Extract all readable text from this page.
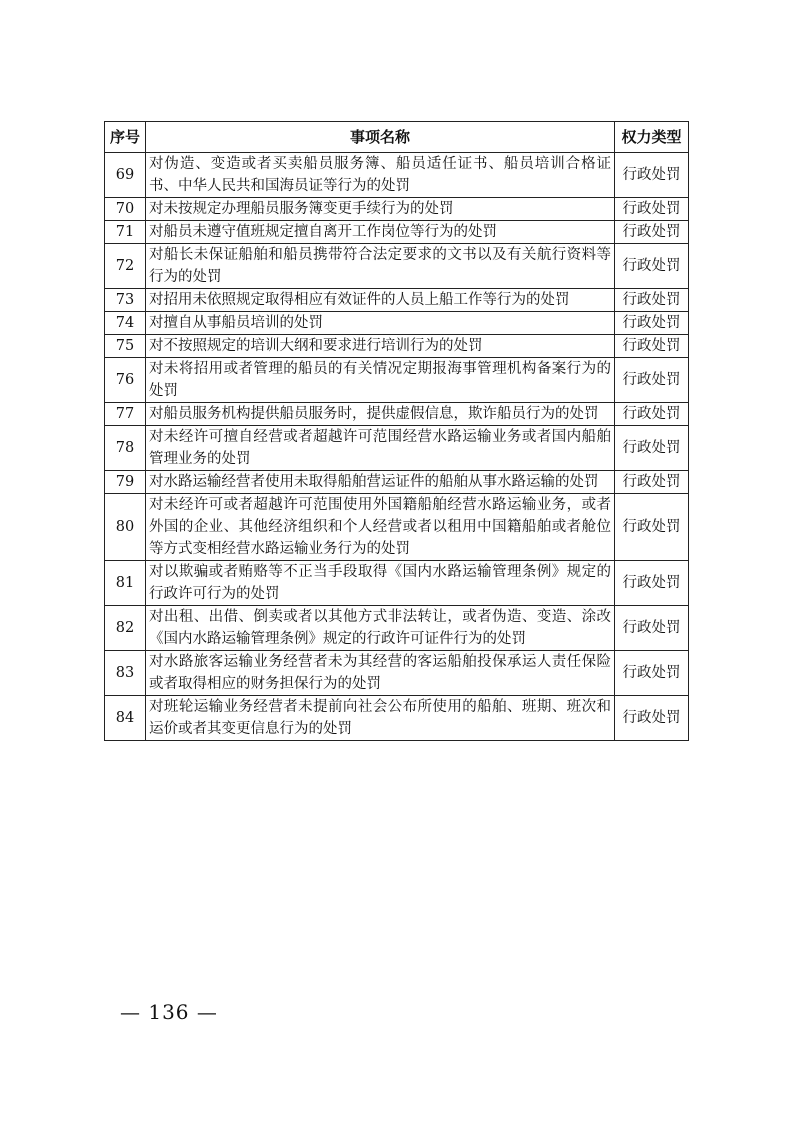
序号	事项名称	权力类型
69	对伪造、变造或者买卖船员服务簿、船员适任证书、船员培训合格证书、中华人民共和国海员证等行为的处罚	行政处罚
70	对未按规定办理船员服务簿变更手续行为的处罚	行政处罚
71	对船员未遵守值班规定擅自离开工作岗位等行为的处罚	行政处罚
72	对船长未保证船舶和船员携带符合法定要求的文书以及有关航行资料等行为的处罚	行政处罚
73	对招用未依照规定取得相应有效证件的人员上船工作等行为的处罚	行政处罚
74	对擅自从事船员培训的处罚	行政处罚
75	对不按照规定的培训大纲和要求进行培训行为的处罚	行政处罚
76	对未将招用或者管理的船员的有关情况定期报海事管理机构备案行为的处罚	行政处罚
77	对船员服务机构提供船员服务时，提供虚假信息，欺诈船员行为的处罚	行政处罚
78	对未经许可擅自经营或者超越许可范围经营水路运输业务或者国内船舶管理业务的处罚	行政处罚
79	对水路运输经营者使用未取得船舶营运证件的船舶从事水路运输的处罚	行政处罚
80	对未经许可或者超越许可范围使用外国籍船舶经营水路运输业务，或者外国的企业、其他经济组织和个人经营或者以租用中国籍船舶或者舱位等方式变相经营水路运输业务行为的处罚	行政处罚
81	对以欺骗或者贿赂等不正当手段取得《国内水路运输管理条例》规定的行政许可行为的处罚	行政处罚
82	对出租、出借、倒卖或者以其他方式非法转让，或者伪造、变造、涂改《国内水路运输管理条例》规定的行政许可证件行为的处罚	行政处罚
83	对水路旅客运输业务经营者未为其经营的客运船舶投保承运人责任保险或者取得相应的财务担保行为的处罚	行政处罚
84	对班轮运输业务经营者未提前向社会公布所使用的船舶、班期、班次和运价或者其变更信息行为的处罚	行政处罚
— 136 —
